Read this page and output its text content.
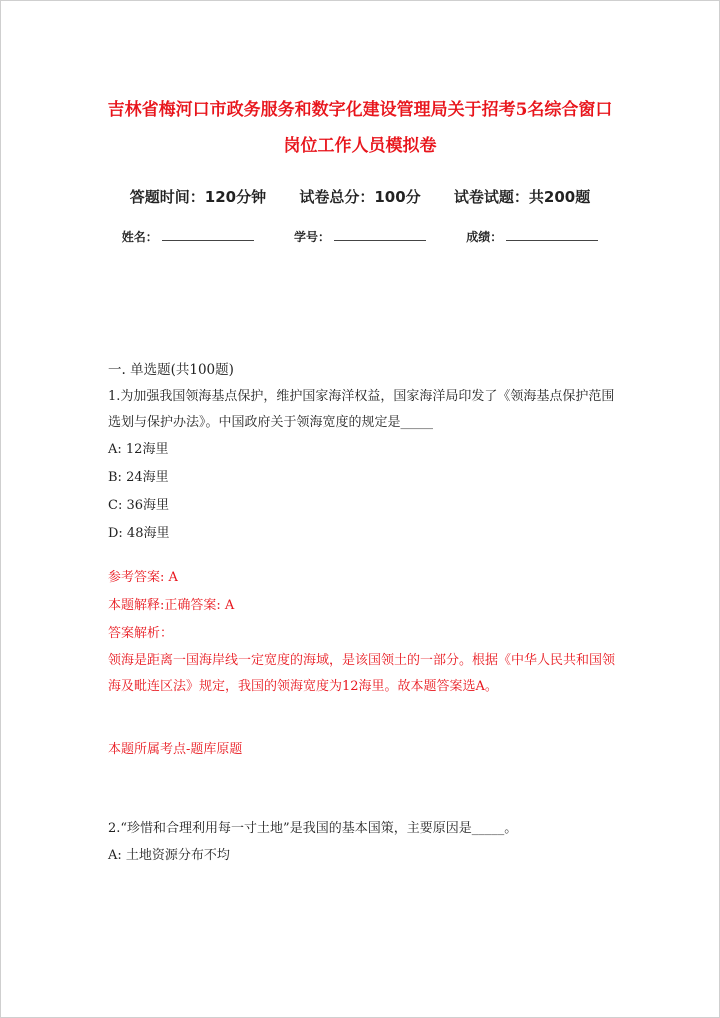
吉林省梅河口市政务服务和数字化建设管理局关于招考5名综合窗口岗位工作人员模拟卷
答题时间：120分钟 试卷总分：100分 试卷试题：共200题
姓名：	学号：	成绩：
一. 单选题(共100题)
1.为加强我国领海基点保护，维护国家海洋权益，国家海洋局印发了《领海基点保护范围选划与保护办法》。中国政府关于领海宽度的规定是_____
A: 12海里
B: 24海里
C: 36海里
D: 48海里
参考答案: A
本题解释:正确答案: A
答案解析：
领海是距离一国海岸线一定宽度的海域，是该国领土的一部分。根据《中华人民共和国领海及毗连区法》规定，我国的领海宽度为12海里。故本题答案选A。
本题所属考点-题库原题
2.“珍惜和合理利用每一寸土地”是我国的基本国策，主要原因是_____。
A: 土地资源分布不均
